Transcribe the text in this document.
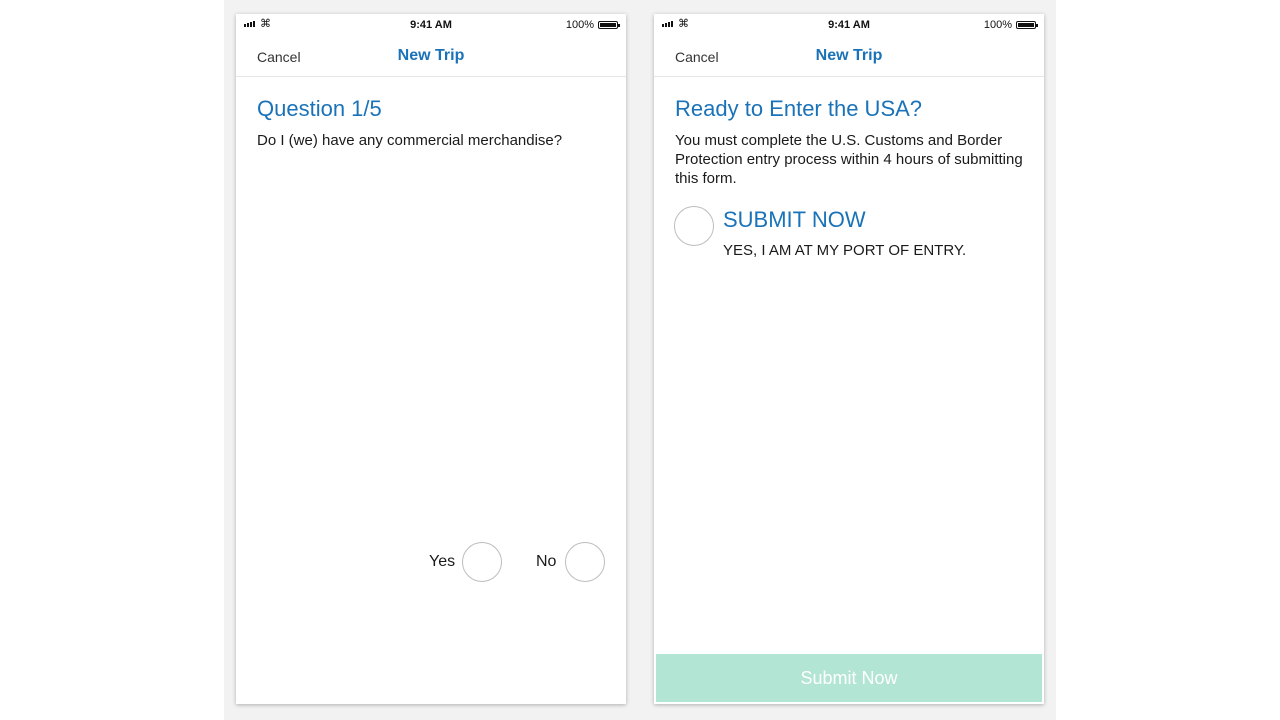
⌘	9:41 AM	100%
Cancel	New Trip
Question 1/5
Do I (we) have any commercial merchandise?
Yes	No
⌘	9:41 AM	100%
Cancel	New Trip
Ready to Enter the USA?
You must complete the U.S. Customs and Border Protection entry process within 4 hours of submitting this form.
SUBMIT NOW
YES, I AM AT MY PORT OF ENTRY.
Submit Now
